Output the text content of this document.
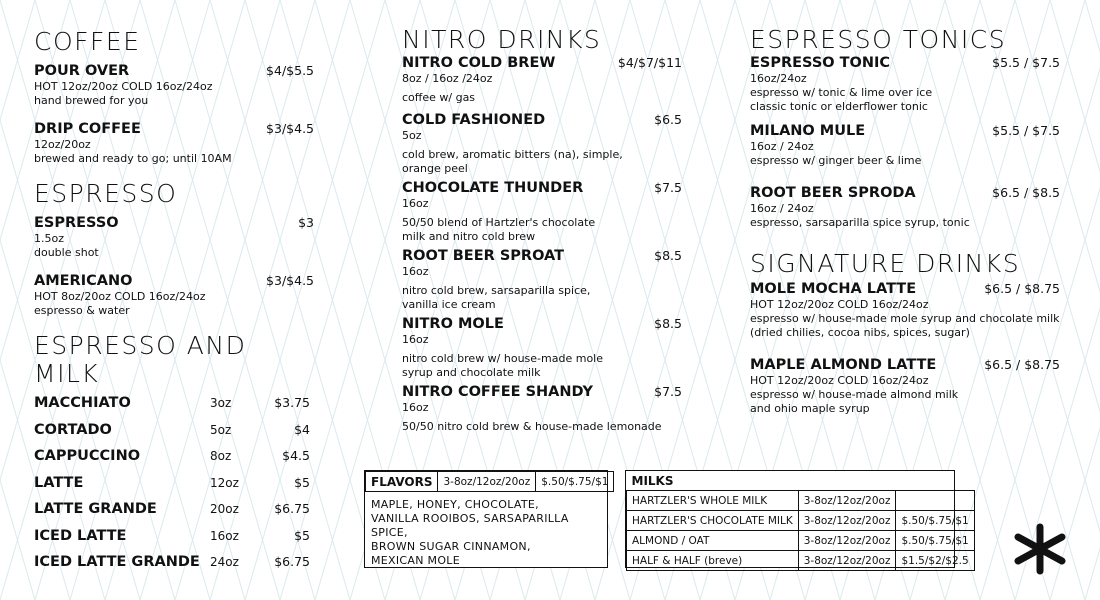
COFFEE
POUR OVER	$4/$5.5
HOT 12oz/20oz COLD 16oz/24oz
hand brewed for you
DRIP COFFEE	$3/$4.5
12oz/20oz
brewed and ready to go; until 10AM
ESPRESSO
ESPRESSO	$3
1.5oz
double shot
AMERICANO	$3/$4.5
HOT 8oz/20oz COLD 16oz/24oz
espresso & water
ESPRESSO AND MILK
MACCHIATO	3oz	$3.75
CORTADO	5oz	$4
CAPPUCCINO	8oz	$4.5
LATTE	12oz	$5
LATTE GRANDE	20oz	$6.75
ICED LATTE	16oz	$5
ICED LATTE GRANDE 24oz	$6.75
NITRO DRINKS
NITRO COLD BREW	$4/$7/$11
8oz / 16oz /24oz
coffee w/ gas
COLD FASHIONED	$6.5
5oz
cold brew, aromatic bitters (na), simple,
orange peel
CHOCOLATE THUNDER	$7.5
16oz
50/50 blend of Hartzler's chocolate
milk and nitro cold brew
ROOT BEER SPROAT	$8.5
16oz
nitro cold brew, sarsaparilla spice,
vanilla ice cream
NITRO MOLE	$8.5
16oz
nitro cold brew w/ house-made mole
syrup and chocolate milk
NITRO COFFEE SHANDY	$7.5
16oz
50/50 nitro cold brew & house-made lemonade
ESPRESSO TONICS
ESPRESSO TONIC	$5.5 / $7.5
16oz/24oz
espresso w/ tonic & lime over ice
classic tonic or elderflower tonic
MILANO MULE	$5.5 / $7.5
16oz / 24oz
espresso w/ ginger beer & lime
ROOT BEER SPRODA	$6.5 / $8.5
16oz / 24oz
espresso, sarsaparilla spice syrup, tonic
SIGNATURE DRINKS
MOLE MOCHA LATTE	$6.5 / $8.75
HOT 12oz/20oz COLD 16oz/24oz
espresso w/ house-made mole syrup and chocolate milk
(dried chilies, cocoa nibs, spices, sugar)
MAPLE ALMOND LATTE	$6.5 / $8.75
HOT 12oz/20oz COLD 16oz/24oz
espresso w/ house-made almond milk
and ohio maple syrup
FLAVORS	3-8oz/12oz/20oz	$.50/$.75/$1
MAPLE, HONEY, CHOCOLATE,
VANILLA ROOIBOS, SARSAPARILLA SPICE,
BROWN SUGAR CINNAMON,
MEXICAN MOLE
MILKS		
HARTZLER'S WHOLE MILK	3-8oz/12oz/20oz	
HARTZLER'S CHOCOLATE MILK	3-8oz/12oz/20oz	$.50/$.75/$1
ALMOND / OAT	3-8oz/12oz/20oz	$.50/$.75/$1
HALF & HALF (breve)	3-8oz/12oz/20oz	$1.5/$2/$2.5
